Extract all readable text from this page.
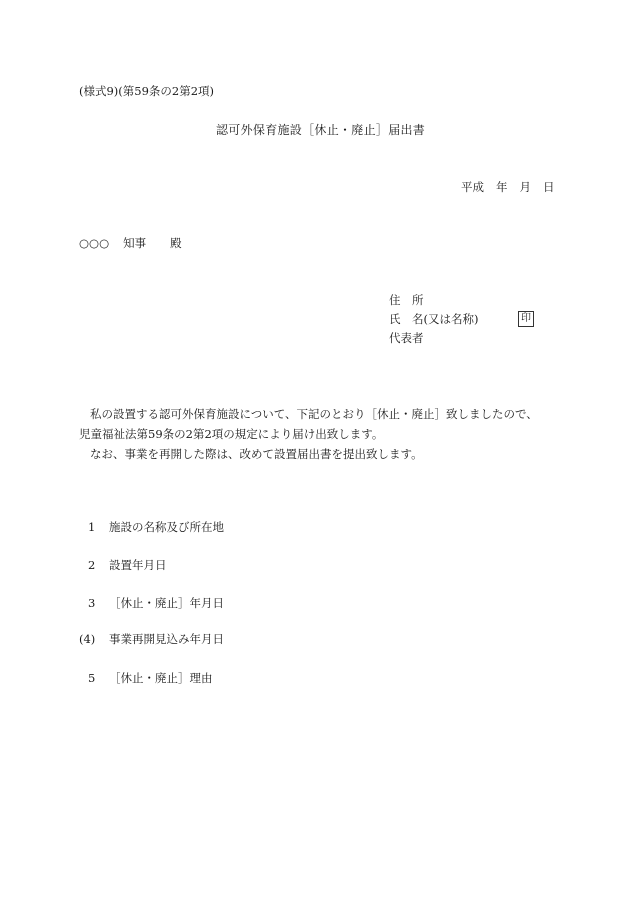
(様式9)(第59条の2第2項)
認可外保育施設［休止・廃止］届出書
平成 年 月 日
○○○ 知事 殿
住　所
氏　名(又は名称)	印
代表者

私の設置する認可外保育施設について、下記のとおり［休止・廃止］致しましたので、

児童福祉法第59条の2第2項の規定により届け出致します。

なお、事業を再開した際は、改めて設置届出書を提出致します。

1 施設の名称及び所在地
2 設置年月日
3 ［休止・廃止］年月日
(4) 事業再開見込み年月日
5 ［休止・廃止］理由
